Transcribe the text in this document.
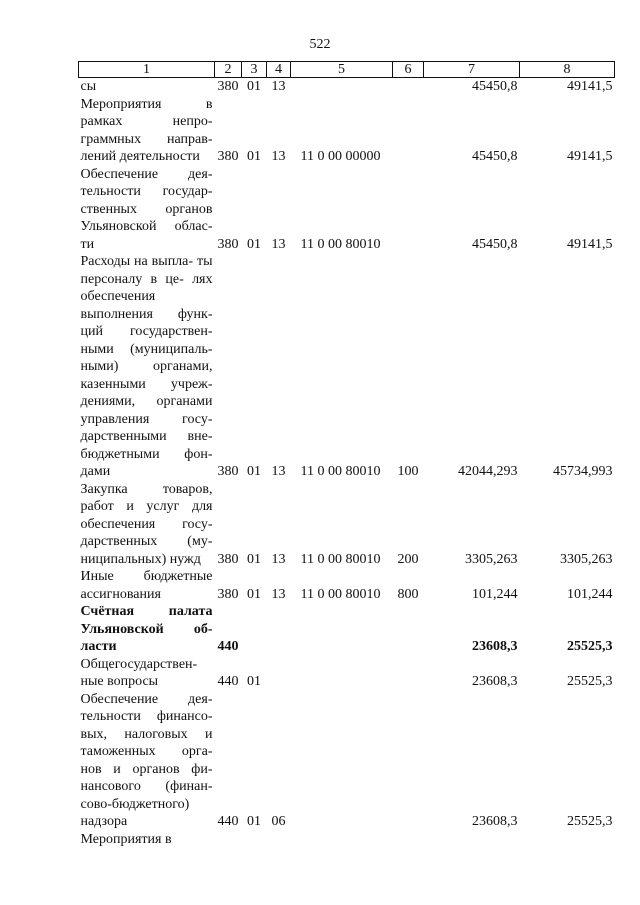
522
1	2	3	4	5	6	7	8
сы	380	01	13			45450,8	49141,5
Мероприятия в рамках непро- граммных направ- лений деятельности	380	01	13	11 0 00 00000		45450,8	49141,5
Обеспечение дея- тельности государ- ственных органов Ульяновской облас- ти	380	01	13	11 0 00 80010		45450,8	49141,5
Расходы на выпла- ты персоналу в це- лях обеспечения выполнения функ- ций государствен- ными (муниципаль- ными) органами, казенными учреж- дениями, органами управления госу- дарственными вне- бюджетными фон- дами	380	01	13	11 0 00 80010	100	42044,293	45734,993
Закупка товаров, работ и услуг для обеспечения госу- дарственных (му- ниципальных) нужд	380	01	13	11 0 00 80010	200	3305,263	3305,263
Иные бюджетные ассигнования	380	01	13	11 0 00 80010	800	101,244	101,244
Счётная палата Ульяновской об- ласти	440					23608,3	25525,3
Общегосударствен- ные вопросы	440	01				23608,3	25525,3
Обеспечение дея- тельности финансо- вых, налоговых и таможенных орга- нов и органов фи- нансового (финан- сово-бюджетного) надзора	440	01	06			23608,3	25525,3
Мероприятия в							
